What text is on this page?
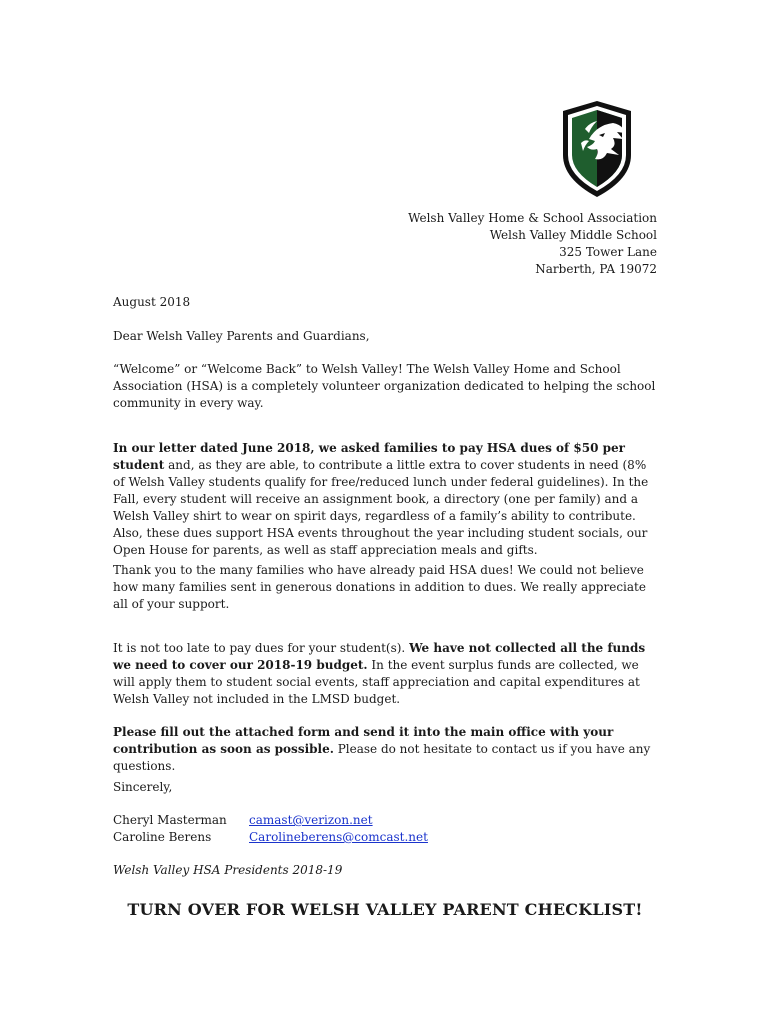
Welsh Valley Home & School Association
Welsh Valley Middle School
325 Tower Lane
Narberth, PA 19072
August 2018
Dear Welsh Valley Parents and Guardians,
“Welcome” or “Welcome Back” to Welsh Valley! The Welsh Valley Home and School Association (HSA) is a completely volunteer organization dedicated to helping the school community in every way.

In our letter dated June 2018, we asked families to pay HSA dues of $50 per student and, as they are able, to contribute a little extra to cover students in need (8% of Welsh Valley students qualify for free/reduced lunch under federal guidelines). In the Fall, every student will receive an assignment book, a directory (one per family) and a Welsh Valley shirt to wear on spirit days, regardless of a family’s ability to contribute. Also, these dues support HSA events throughout the year including student socials, our Open House for parents, as well as staff appreciation meals and gifts.

Thank you to the many families who have already paid HSA dues! We could not believe how many families sent in generous donations in addition to dues. We really appreciate all of your support.

It is not too late to pay dues for your student(s). We have not collected all the funds we need to cover our 2018-19 budget. In the event surplus funds are collected, we will apply them to student social events, staff appreciation and capital expenditures at Welsh Valley not included in the LMSD budget.

Please fill out the attached form and send it into the main office with your contribution as soon as possible. Please do not hesitate to contact us if you have any questions.

Sincerely,
Cheryl Masterman	camast@verizon.net
Caroline Berens	Carolineberens@comcast.net
Welsh Valley HSA Presidents 2018-19
TURN OVER FOR WELSH VALLEY PARENT CHECKLIST!
